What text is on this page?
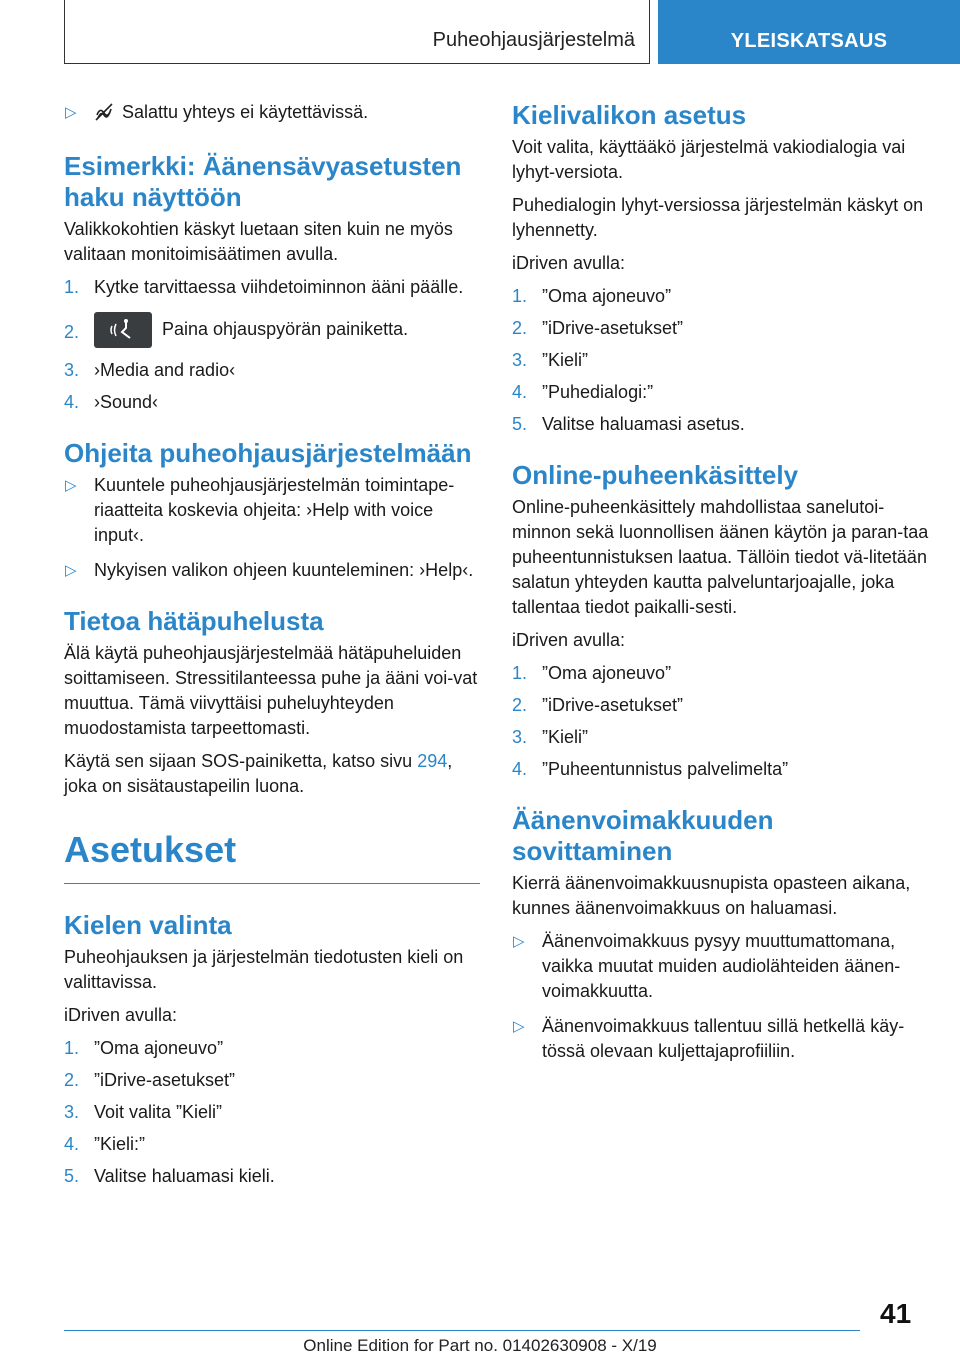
Puheohjausjärjestelmä	YLEISKATSAUS
▷	Salattu yhteys ei käytettävissä.
Esimerkki: Äänensävyasetusten haku näyttöön

Valikkokohtien käskyt luetaan siten kuin ne myös valitaan monitoimisäätimen avulla.

1. Kytke tarvittaessa viihdetoiminnon ääni päälle.
2.	Paina ohjauspyörän painiketta.
3. ›Media and radio‹
4. ›Sound‹
Ohjeita puheohjausjärjestelmään
▷ Kuuntele puheohjausjärjestelmän toimintape-riaatteita koskevia ohjeita: ›Help with voice input‹.
▷ Nykyisen valikon ohjeen kuunteleminen: ›Help‹.
Tietoa hätäpuhelusta

Älä käytä puheohjausjärjestelmää hätäpuheluiden soittamiseen. Stressitilanteessa puhe ja ääni voi-vat muuttua. Tämä viivyttäisi puheluyhteyden muodostamista tarpeettomasti.

Käytä sen sijaan SOS-painiketta, katso sivu 294, joka on sisätaustapeilin luona.

Asetukset
Kielen valinta

Puheohjauksen ja järjestelmän tiedotusten kieli on valittavissa.

iDriven avulla:

1. ”Oma ajoneuvo”
2. ”iDrive-asetukset”
3. Voit valita ”Kieli”
4. ”Kieli:”
5. Valitse haluamasi kieli.
Kielivalikon asetus

Voit valita, käyttääkö järjestelmä vakiodialogia vai lyhyt-versiota.

Puhedialogin lyhyt-versiossa järjestelmän käskyt on lyhennetty.

iDriven avulla:

1. ”Oma ajoneuvo”
2. ”iDrive-asetukset”
3. ”Kieli”
4. ”Puhedialogi:”
5. Valitse haluamasi asetus.
Online-puheenkäsittely

Online-puheenkäsittely mahdollistaa sanelutoi-minnon sekä luonnollisen äänen käytön ja paran-taa puheentunnistuksen laatua. Tällöin tiedot vä-litetään salatun yhteyden kautta palveluntarjoajalle, joka tallentaa tiedot paikalli-sesti.

iDriven avulla:

1. ”Oma ajoneuvo”
2. ”iDrive-asetukset”
3. ”Kieli”
4. ”Puheentunnistus palvelimelta”
Äänenvoimakkuuden sovittaminen

Kierrä äänenvoimakkuusnupista opasteen aikana, kunnes äänenvoimakkuus on haluamasi.

▷ Äänenvoimakkuus pysyy muuttumattomana, vaikka muutat muiden audiolähteiden äänen-voimakkuutta.
▷ Äänenvoimakkuus tallentuu sillä hetkellä käy-tössä olevaan kuljettajaprofiiliin.
41
Online Edition for Part no. 01402630908 - X/19
